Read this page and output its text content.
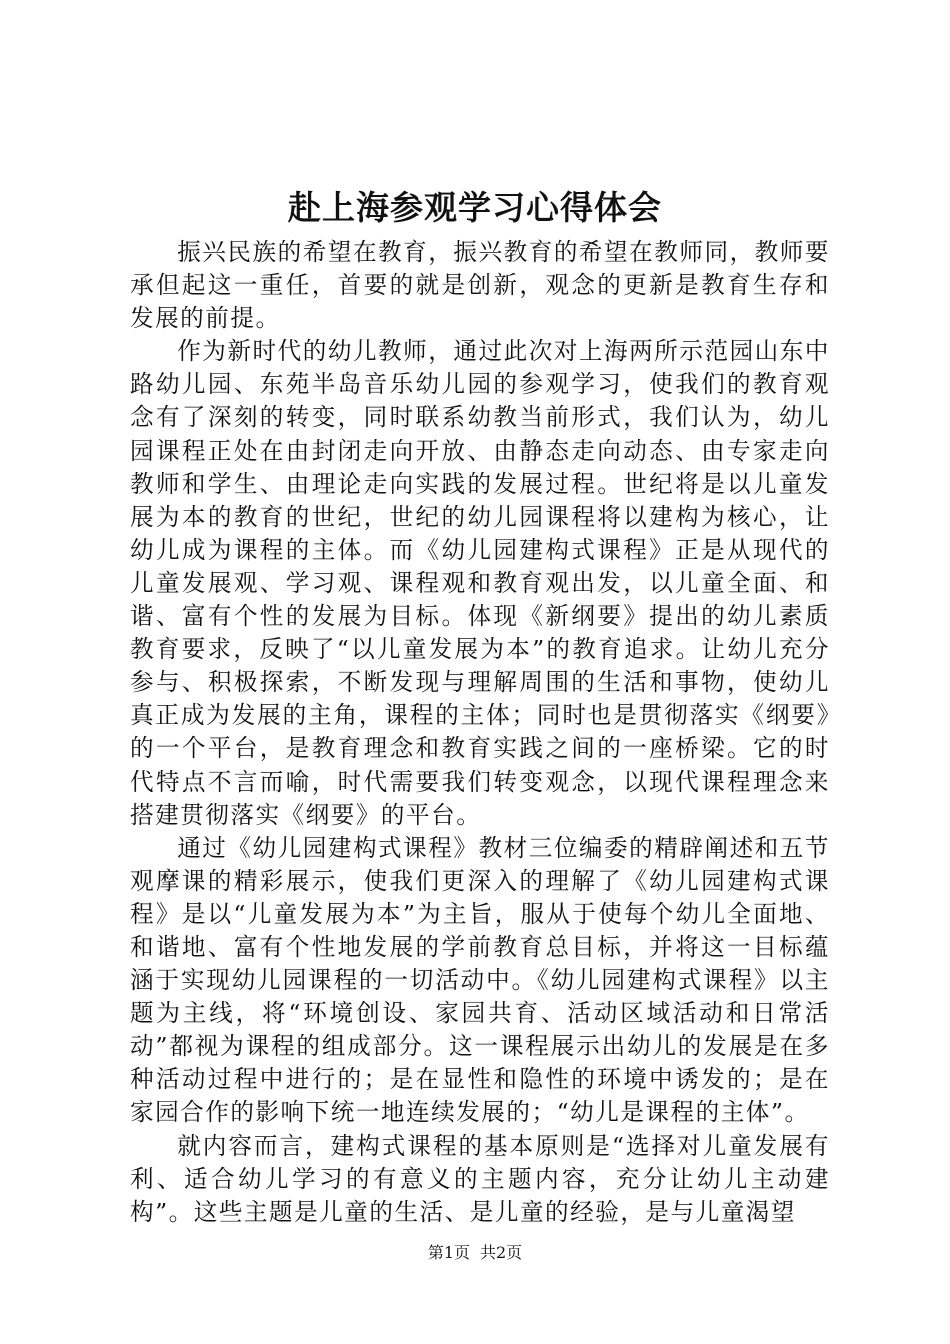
赴上海参观学习心得体会

振兴民族的希望在教育，振兴教育的希望在教师同，教师要承但起这一重任，首要的就是创新，观念的更新是教育生存和发展的前提。

作为新时代的幼儿教师，通过此次对上海两所示范园山东中路幼儿园、东苑半岛音乐幼儿园的参观学习，使我们的教育观念有了深刻的转变，同时联系幼教当前形式，我们认为，幼儿园课程正处在由封闭走向开放、由静态走向动态、由专家走向教师和学生、由理论走向实践的发展过程。世纪将是以儿童发展为本的教育的世纪，世纪的幼儿园课程将以建构为核心，让幼儿成为课程的主体。而《幼儿园建构式课程》正是从现代的儿童发展观、学习观、课程观和教育观出发，以儿童全面、和谐、富有个性的发展为目标。体现《新纲要》提出的幼儿素质教育要求，反映了“以儿童发展为本”的教育追求。让幼儿充分参与、积极探索，不断发现与理解周围的生活和事物，使幼儿真正成为发展的主角，课程的主体；同时也是贯彻落实《纲要》的一个平台，是教育理念和教育实践之间的一座桥梁。它的时代特点不言而喻，时代需要我们转变观念，以现代课程理念来搭建贯彻落实《纲要》的平台。

通过《幼儿园建构式课程》教材三位编委的精辟阐述和五节观摩课的精彩展示，使我们更深入的理解了《幼儿园建构式课程》是以“儿童发展为本”为主旨，服从于使每个幼儿全面地、和谐地、富有个性地发展的学前教育总目标，并将这一目标蕴涵于实现幼儿园课程的一切活动中。《幼儿园建构式课程》以主题为主线，将“环境创设、家园共育、活动区域活动和日常活动”都视为课程的组成部分。这一课程展示出幼儿的发展是在多种活动过程中进行的；是在显性和隐性的环境中诱发的；是在家园合作的影响下统一地连续发展的；“幼儿是课程的主体”。

就内容而言，建构式课程的基本原则是“选择对儿童发展有利、适合幼儿学习的有意义的主题内容，充分让幼儿主动建构”。这些主题是儿童的生活、是儿童的经验，是与儿童渴望

第1页 共2页
